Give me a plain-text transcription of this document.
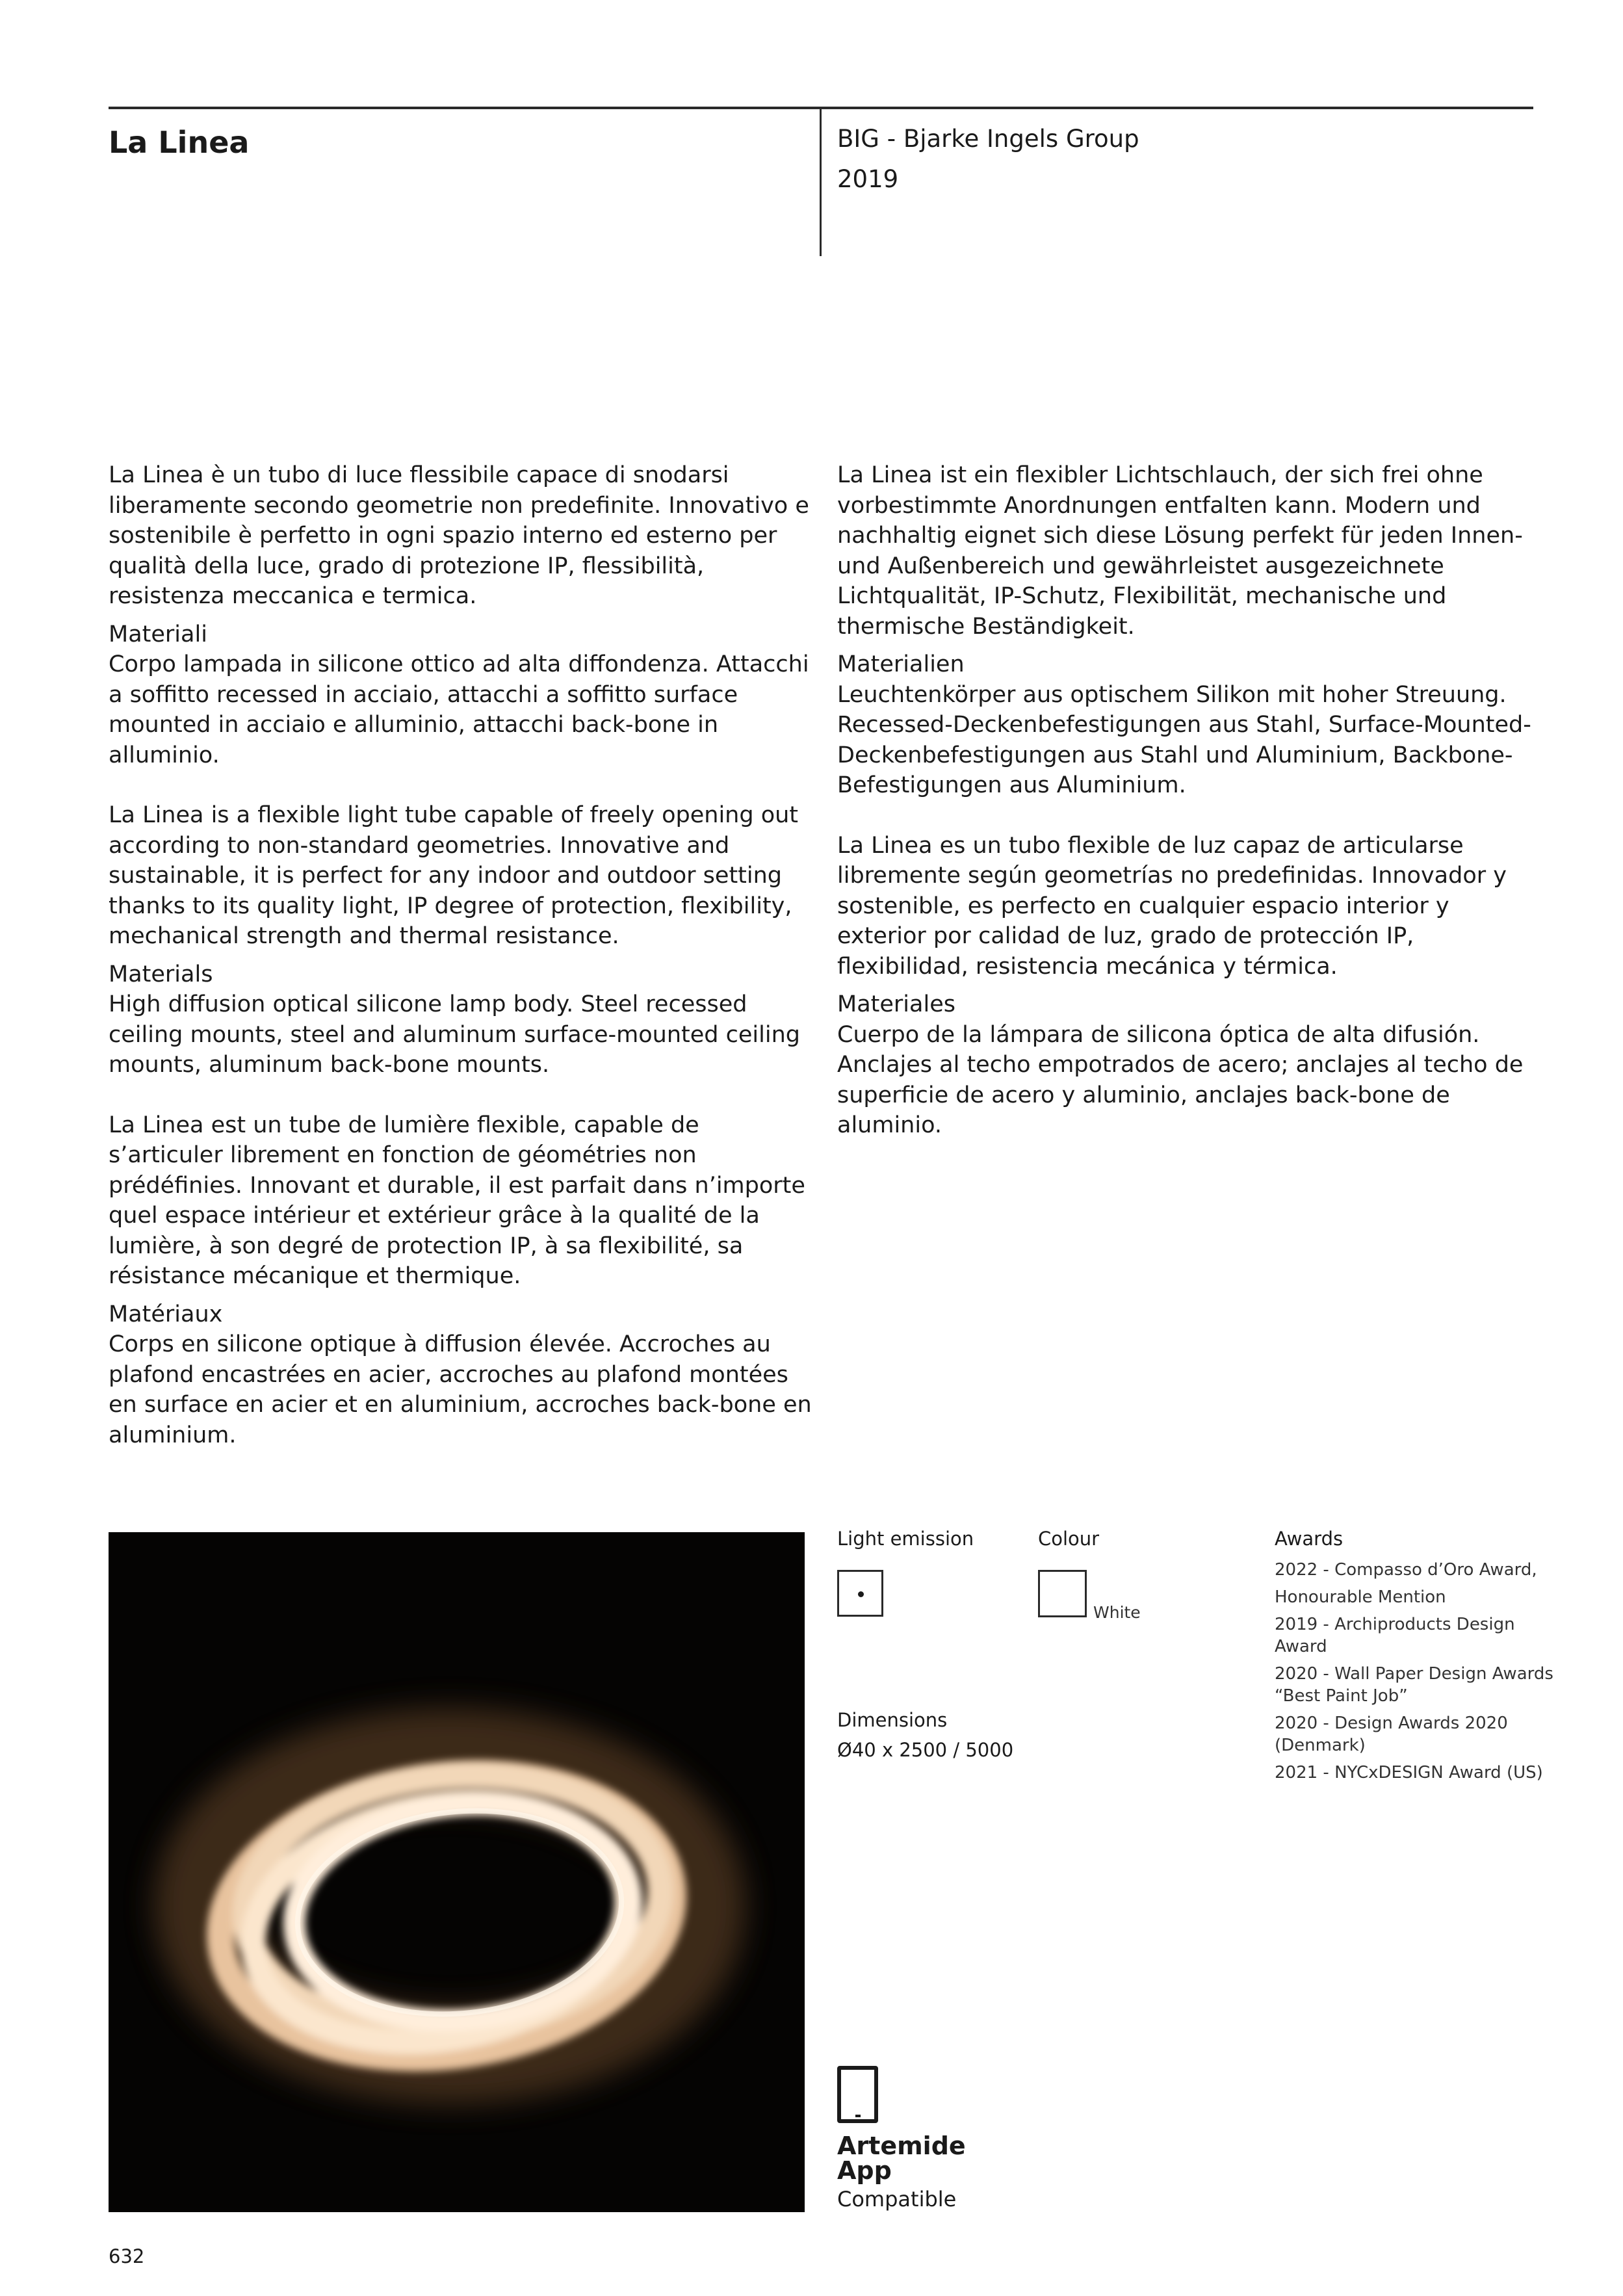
La Linea	BIG - Bjarke Ingels Group
2019

La Linea è un tubo di luce flessibile capace di snodarsi liberamente secondo geometrie non predefinite. Innovativo e sostenibile è perfetto in ogni spazio interno ed esterno per qualità della luce, grado di protezione IP, flessibilità, resistenza meccanica e termica.

Materiali

Corpo lampada in silicone ottico ad alta diffondenza. Attacchi a soffitto recessed in acciaio, attacchi a soffitto surface mounted in acciaio e alluminio, attacchi back-bone in alluminio.

La Linea is a flexible light tube capable of freely opening out according to non-standard geometries. Innovative and sustainable, it is perfect for any indoor and outdoor setting thanks to its quality light, IP degree of protection, flexibility, mechanical strength and thermal resistance.

Materials

High diffusion optical silicone lamp body. Steel recessed ceiling mounts, steel and aluminum surface-mounted ceiling mounts, aluminum back-bone mounts.

La Linea est un tube de lumière flexible, capable de s’articuler librement en fonction de géométries non prédéfinies. Innovant et durable, il est parfait dans n’importe quel espace intérieur et extérieur grâce à la qualité de la lumière, à son degré de protection IP, à sa flexibilité, sa résistance mécanique et thermique.

Matériaux

Corps en silicone optique à diffusion élevée. Accroches au plafond encastrées en acier, accroches au plafond montées en surface en acier et en aluminium, accroches back-bone en aluminium.

La Linea ist ein flexibler Lichtschlauch, der sich frei ohne vorbestimmte Anordnungen entfalten kann. Modern und nachhaltig eignet sich diese Lösung perfekt für jeden Innen- und Außenbereich und gewährleistet ausgezeichnete Lichtqualität, IP-Schutz, Flexibilität, mechanische und thermische Beständigkeit.

Materialien

Leuchtenkörper aus optischem Silikon mit hoher Streuung. Recessed-Deckenbefestigungen aus Stahl, Surface-Mounted-Deckenbefestigungen aus Stahl und Aluminium, Backbone-Befestigungen aus Aluminium.

La Linea es un tubo flexible de luz capaz de articularse libremente según geometrías no predefinidas. Innovador y sostenible, es perfecto en cualquier espacio interior y exterior por calidad de luz, grado de protección IP, flexibilidad, resistencia mecánica y térmica.

Materiales

Cuerpo de la lámpara de silicona óptica de alta difusión. Anclajes al techo empotrados de acero; anclajes al techo de superficie de acero y aluminio, anclajes back-bone de aluminio.

Light emission	Colour
White
Dimensions
Ø40 x 2500 / 5000
Awards
2022 - Compasso d’Oro Award,
Honourable Mention
2019 - Archiproducts Design Award
2020 - Wall Paper Design Awards “Best Paint Job”
2020 - Design Awards 2020 (Denmark)
2021 - NYCxDESIGN Award (US)
Artemide
App
Compatible
632
